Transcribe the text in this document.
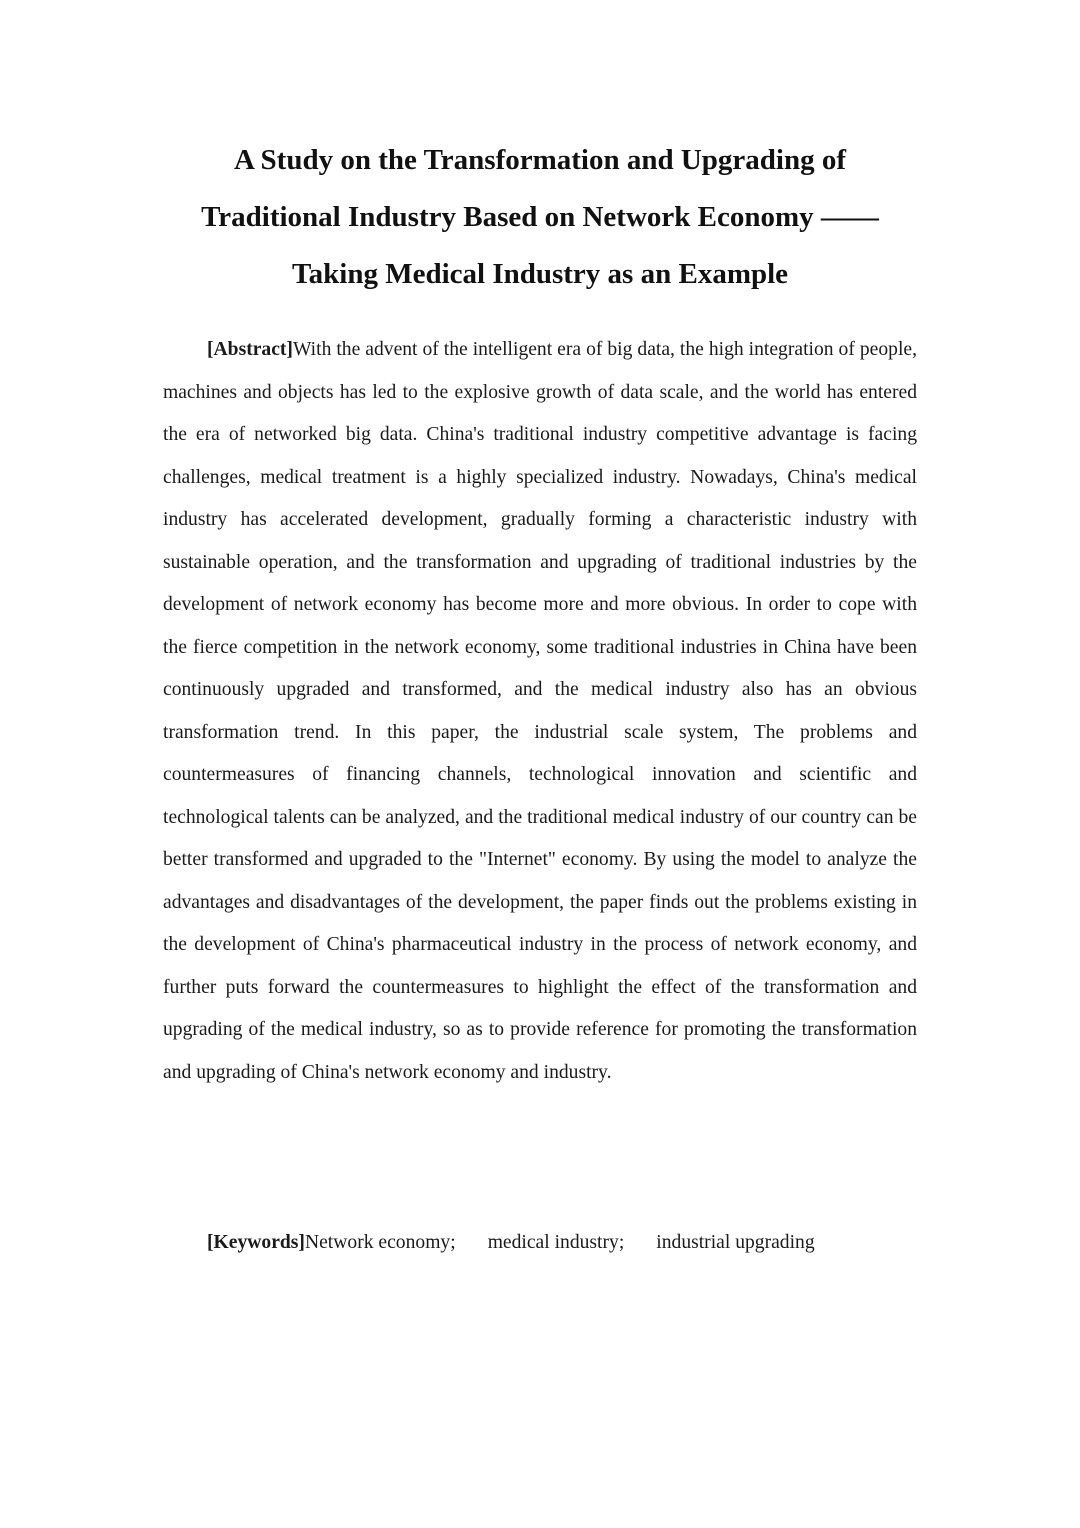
A Study on the Transformation and Upgrading of
Traditional Industry Based on Network Economy ——
Taking Medical Industry as an Example

[Abstract]With the advent of the intelligent era of big data, the high integration of people, machines and objects has led to the explosive growth of data scale, and the world has entered the era of networked big data. China's traditional industry competitive advantage is facing challenges, medical treatment is a highly specialized industry. Nowadays, China's medical industry has accelerated development, gradually forming a characteristic industry with sustainable operation, and the transformation and upgrading of traditional industries by the development of network economy has become more and more obvious. In order to cope with the fierce competition in the network economy, some traditional industries in China have been continuously upgraded and transformed, and the medical industry also has an obvious transformation trend. In this paper, the industrial scale system, The problems and countermeasures of financing channels, technological innovation and scientific and technological talents can be analyzed, and the traditional medical industry of our country can be better transformed and upgraded to the "Internet" economy. By using the model to analyze the advantages and disadvantages of the development, the paper finds out the problems existing in the development of China's pharmaceutical industry in the process of network economy, and further puts forward the countermeasures to highlight the effect of the transformation and upgrading of the medical industry, so as to provide reference for promoting the transformation and upgrading of China's network economy and industry.

[Keywords]Network economy; medical industry; industrial upgrading
